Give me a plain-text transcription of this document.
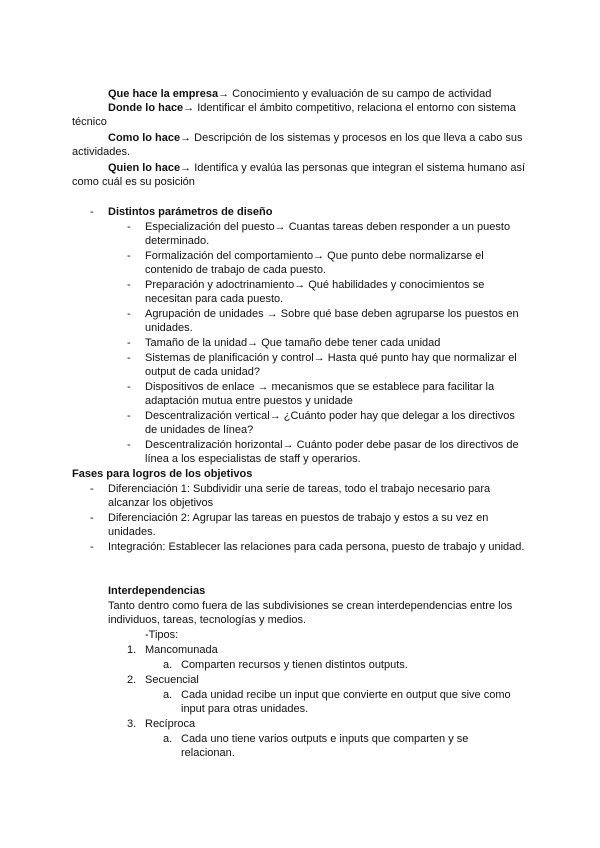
Que hace la empresa→ Conocimiento y evaluación de su campo de actividad

Donde lo hace→ Identificar el ámbito competitivo, relaciona el entorno con sistema técnico

Como lo hace→ Descripción de los sistemas y procesos en los que lleva a cabo sus actividades.

Quien lo hace→ Identifica y evalúa las personas que integran el sistema humano así como cuál es su posición

- Distintos parámetros de diseño
- Especialización del puesto→ Cuantas tareas deben responder a un puesto determinado.
- Formalización del comportamiento→ Que punto debe normalizarse el contenido de trabajo de cada puesto.
- Preparación y adoctrinamiento→ Qué habilidades y conocimientos se necesitan para cada puesto.
- Agrupación de unidades → Sobre qué base deben agruparse los puestos en unidades.
- Tamaño de la unidad→ Que tamaño debe tener cada unidad
- Sistemas de planificación y control→ Hasta qué punto hay que normalizar el output de cada unidad?
- Dispositivos de enlace → mecanismos que se establece para facilitar la adaptación mutua entre puestos y unidade
- Descentralización vertical→ ¿Cuánto poder hay que delegar a los directivos de unidades de línea?
- Descentralización horizontal→ Cuánto poder debe pasar de los directivos de línea a los especialistas de staff y operarios.
Fases para logros de los objetivos
- Diferenciación 1: Subdividir una serie de tareas, todo el trabajo necesario para alcanzar los objetivos
- Diferenciación 2: Agrupar las tareas en puestos de trabajo y estos a su vez en unidades.
- Integración: Establecer las relaciones para cada persona, puesto de trabajo y unidad.
Interdependencias
Tanto dentro como fuera de las subdivisiones se crean interdependencias entre los individuos, tareas, tecnologías y medios.
-Tipos:
1. Mancomunada
a. Comparten recursos y tienen distintos outputs.
2. Secuencial
a. Cada unidad recibe un input que convierte en output que sive como input para otras unidades.
3. Recíproca
a. Cada uno tiene varios outputs e inputs que comparten y se relacionan.
